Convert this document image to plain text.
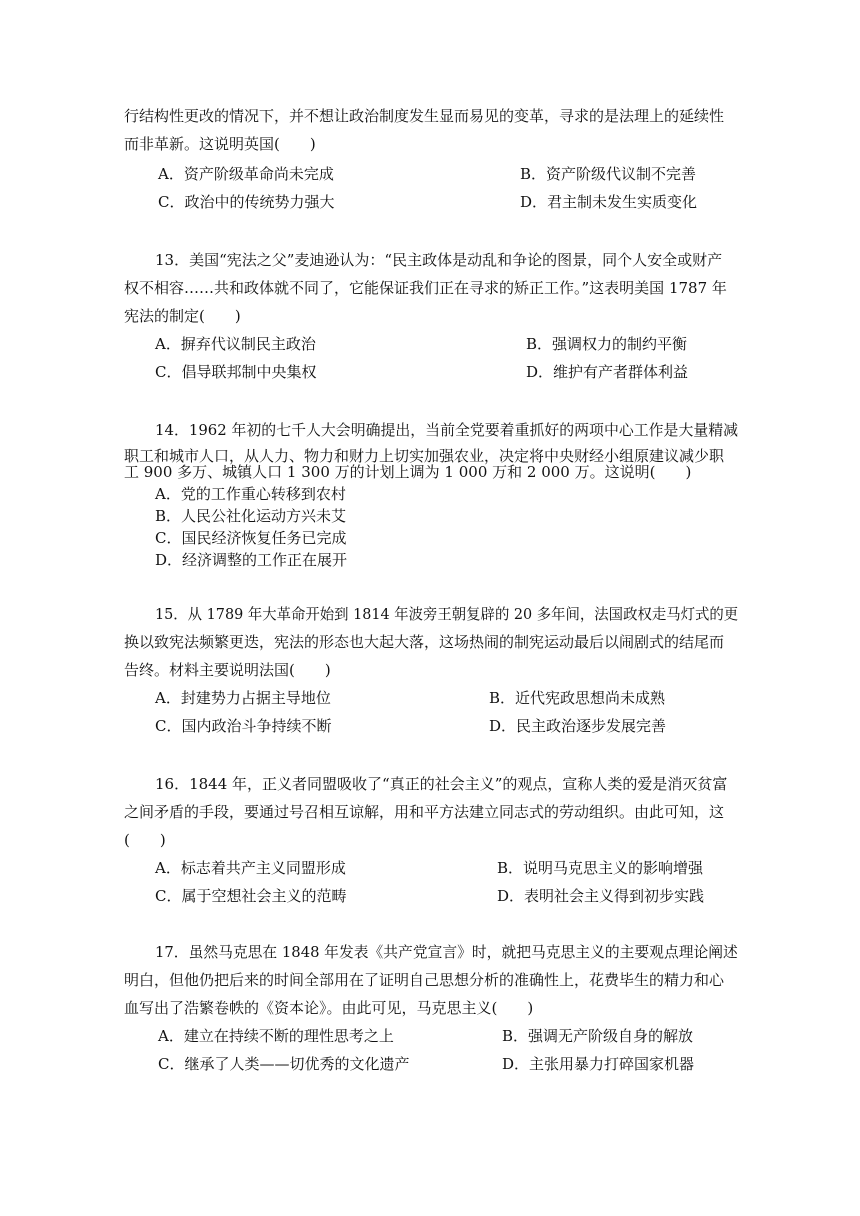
行结构性更改的情况下，并不想让政治制度发生显而易见的变革，寻求的是法理上的延续性
而非革新。这说明英国(　　)
A．资产阶级革命尚未完成	B．资产阶级代议制不完善
C．政治中的传统势力强大	D．君主制未发生实质变化
13．美国“宪法之父”麦迪逊认为：“民主政体是动乱和争论的图景，同个人安全或财产
权不相容……共和政体就不同了，它能保证我们正在寻求的矫正工作。”这表明美国 1787 年
宪法的制定(　　)
A．摒弃代议制民主政治	B．强调权力的制约平衡
C．倡导联邦制中央集权	D．维护有产者群体利益
14．1962 年初的七千人大会明确提出，当前全党要着重抓好的两项中心工作是大量精减
职工和城市人口，从人力、物力和财力上切实加强农业，决定将中央财经小组原建议减少职
工 900 多万、城镇人口 1 300 万的计划上调为 1 000 万和 2 000 万。这说明(　　)
A．党的工作重心转移到农村
B．人民公社化运动方兴未艾
C．国民经济恢复任务已完成
D．经济调整的工作正在展开
15．从 1789 年大革命开始到 1814 年波旁王朝复辟的 20 多年间，法国政权走马灯式的更
换以致宪法频繁更迭，宪法的形态也大起大落，这场热闹的制宪运动最后以闹剧式的结尾而
告终。材料主要说明法国(　　)
A．封建势力占据主导地位	B．近代宪政思想尚未成熟
C．国内政治斗争持续不断	D．民主政治逐步发展完善
16．1844 年，正义者同盟吸收了“真正的社会主义”的观点，宣称人类的爱是消灭贫富
之间矛盾的手段，要通过号召相互谅解，用和平方法建立同志式的劳动组织。由此可知，这
(　　)
A．标志着共产主义同盟形成	B．说明马克思主义的影响增强
C．属于空想社会主义的范畴	D．表明社会主义得到初步实践
17．虽然马克思在 1848 年发表《共产党宣言》时，就把马克思主义的主要观点理论阐述
明白，但他仍把后来的时间全部用在了证明自己思想分析的准确性上，花费毕生的精力和心
血写出了浩繁卷帙的《资本论》。由此可见，马克思主义(　　)
A．建立在持续不断的理性思考之上	B．强调无产阶级自身的解放
C．继承了人类——切优秀的文化遗产	D．主张用暴力打碎国家机器
